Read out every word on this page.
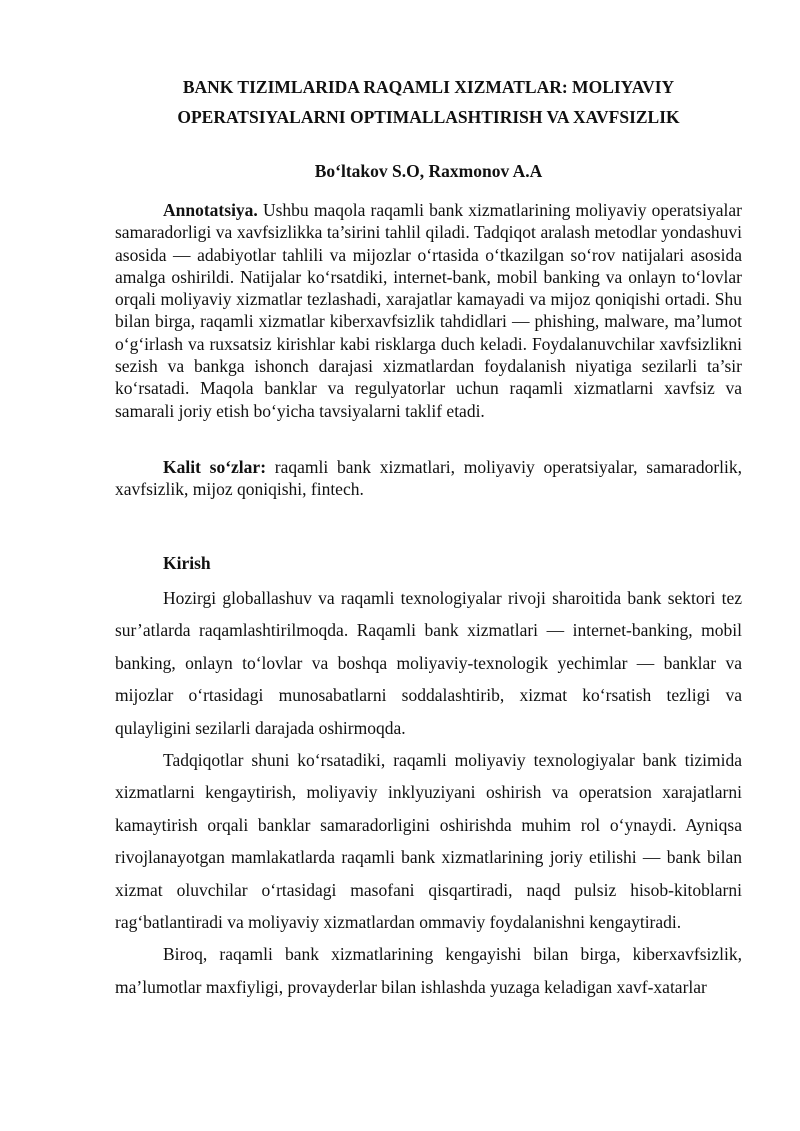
BANK TIZIMLARIDA RAQAMLI XIZMATLAR: MOLIYAVIY
OPERATSIYALARNI OPTIMALLASHTIRISH VA XAVFSIZLIK
Bo‘ltakov S.O, Raxmonov A.A

Annotatsiya. Ushbu maqola raqamli bank xizmatlarining moliyaviy operatsiyalar samaradorligi va xavfsizlikka ta’sirini tahlil qiladi. Tadqiqot aralash metodlar yondashuvi asosida — adabiyotlar tahlili va mijozlar o‘rtasida o‘tkazilgan so‘rov natijalari asosida amalga oshirildi. Natijalar ko‘rsatdiki, internet-bank, mobil banking va onlayn to‘lovlar orqali moliyaviy xizmatlar tezlashadi, xarajatlar kamayadi va mijoz qoniqishi ortadi. Shu bilan birga, raqamli xizmatlar kiberxavfsizlik tahdidlari — phishing, malware, ma’lumot o‘g‘irlash va ruxsatsiz kirishlar kabi risklarga duch keladi. Foydalanuvchilar xavfsizlikni sezish va bankga ishonch darajasi xizmatlardan foydalanish niyatiga sezilarli ta’sir ko‘rsatadi. Maqola banklar va regulyatorlar uchun raqamli xizmatlarni xavfsiz va samarali joriy etish bo‘yicha tavsiyalarni taklif etadi.

Kalit so‘zlar: raqamli bank xizmatlari, moliyaviy operatsiyalar, samaradorlik, xavfsizlik, mijoz qoniqishi, fintech.

Kirish

Hozirgi globallashuv va raqamli texnologiyalar rivoji sharoitida bank sektori tez sur’atlarda raqamlashtirilmoqda. Raqamli bank xizmatlari — internet-banking, mobil banking, onlayn to‘lovlar va boshqa moliyaviy-texnologik yechimlar — banklar va mijozlar o‘rtasidagi munosabatlarni soddalashtirib, xizmat ko‘rsatish tezligi va qulayligini sezilarli darajada oshirmoqda.

Tadqiqotlar shuni ko‘rsatadiki, raqamli moliyaviy texnologiyalar bank tizimida xizmatlarni kengaytirish, moliyaviy inklyuziyani oshirish va operatsion xarajatlarni kamaytirish orqali banklar samaradorligini oshirishda muhim rol o‘ynaydi. Ayniqsa rivojlanayotgan mamlakatlarda raqamli bank xizmatlarining joriy etilishi — bank bilan xizmat oluvchilar o‘rtasidagi masofani qisqartiradi, naqd pulsiz hisob-kitoblarni rag‘batlantiradi va moliyaviy xizmatlardan ommaviy foydalanishni kengaytiradi.

Biroq, raqamli bank xizmatlarining kengayishi bilan birga, kiberxavfsizlik, ma’lumotlar maxfiyligi, provayderlar bilan ishlashda yuzaga keladigan xavf-xatarlar
